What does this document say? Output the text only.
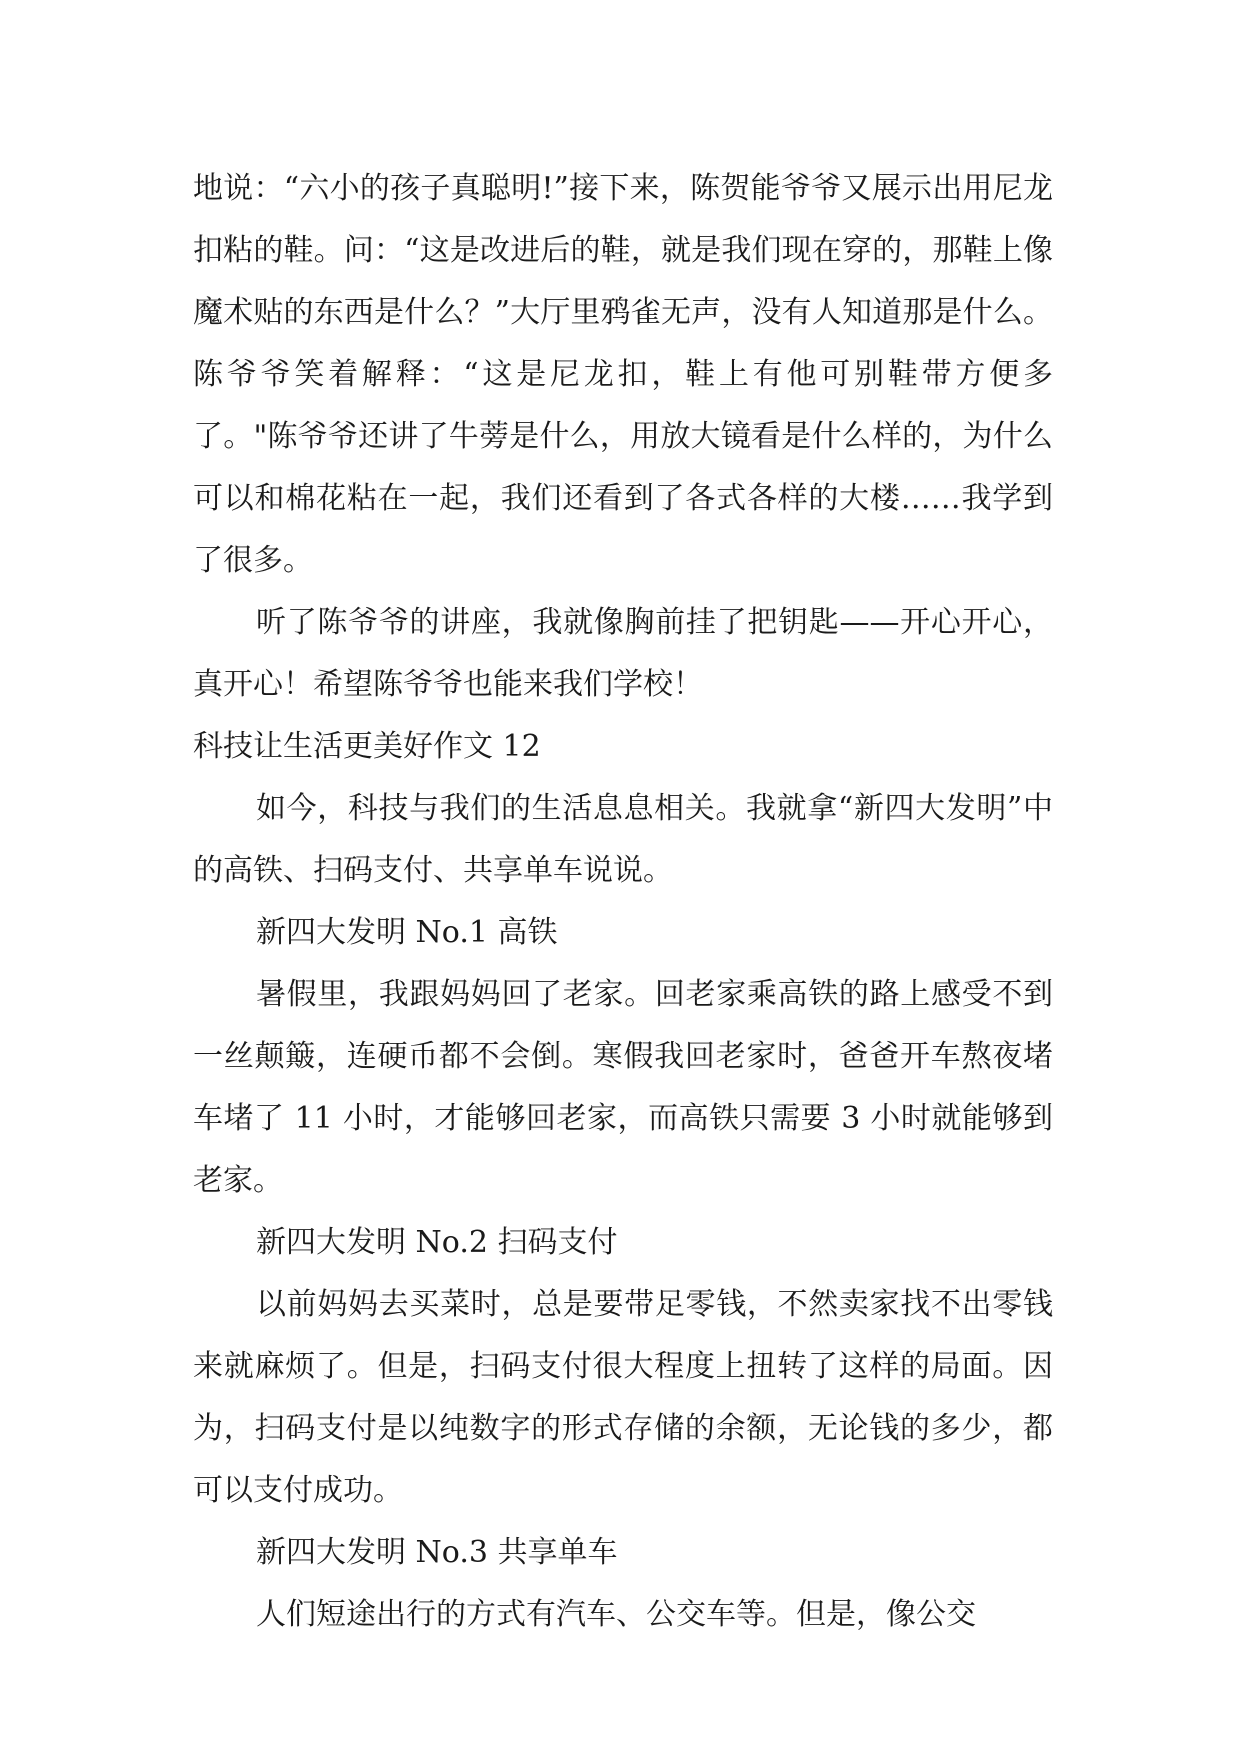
地说：“六小的孩子真聪明!”接下来，陈贺能爷爷又展示出用尼龙扣粘的鞋。问：“这是改进后的鞋，就是我们现在穿的，那鞋上像魔术贴的东西是什么？”大厅里鸦雀无声，没有人知道那是什么。陈爷爷笑着解释：“这是尼龙扣，鞋上有他可别鞋带方便多了。"陈爷爷还讲了牛蒡是什么，用放大镜看是什么样的，为什么可以和棉花粘在一起，我们还看到了各式各样的大楼……我学到了很多。

听了陈爷爷的讲座，我就像胸前挂了把钥匙——开心开心，真开心！希望陈爷爷也能来我们学校！

科技让生活更美好作文 12

如今，科技与我们的生活息息相关。我就拿“新四大发明”中的高铁、扫码支付、共享单车说说。

新四大发明 No.1 高铁

暑假里，我跟妈妈回了老家。回老家乘高铁的路上感受不到一丝颠簸，连硬币都不会倒。寒假我回老家时，爸爸开车熬夜堵车堵了 11 小时，才能够回老家，而高铁只需要 3 小时就能够到老家。

新四大发明 No.2 扫码支付

以前妈妈去买菜时，总是要带足零钱，不然卖家找不出零钱来就麻烦了。但是，扫码支付很大程度上扭转了这样的局面。因为，扫码支付是以纯数字的形式存储的余额，无论钱的多少，都可以支付成功。

新四大发明 No.3 共享单车

人们短途出行的方式有汽车、公交车等。但是，像公交
